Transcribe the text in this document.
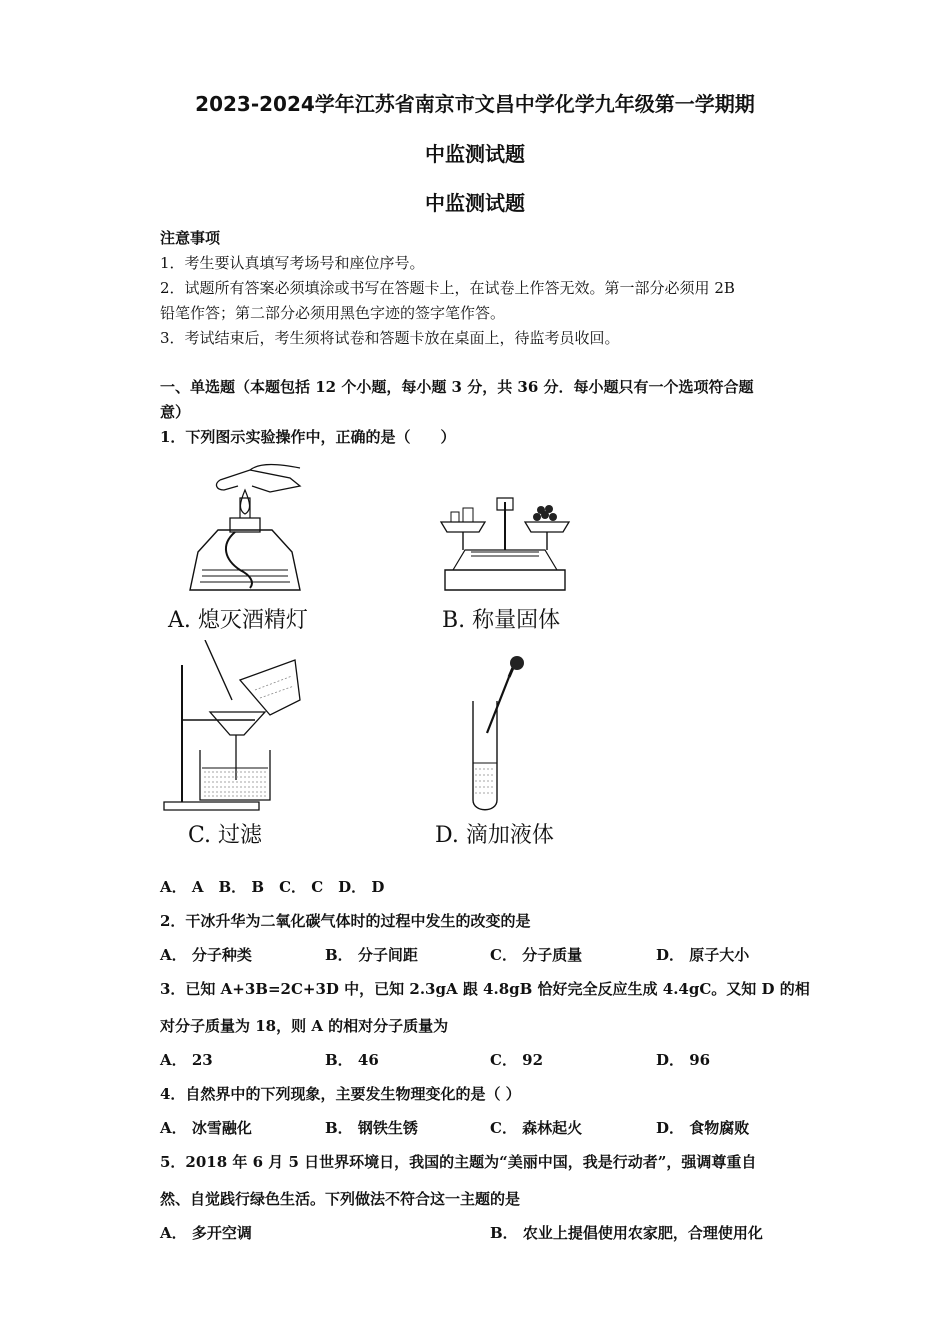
2023-2024学年江苏省南京市文昌中学化学九年级第一学期期
中监测试题
中监测试题
注意事项
1．考生要认真填写考场号和座位序号。
2．试题所有答案必须填涂或书写在答题卡上，在试卷上作答无效。第一部分必须用 2B
铅笔作答；第二部分必须用黑色字迹的签字笔作答。
3．考试结束后，考生须将试卷和答题卡放在桌面上，待监考员收回。
一、单选题（本题包括 12 个小题，每小题 3 分，共 36 分．每小题只有一个选项符合题
意）
1．下列图示实验操作中，正确的是（　　）
A. 熄灭酒精灯	B. 称量固体
C. 过滤	D. 滴加液体
A． A　B． B　C． C　D． D
2．干冰升华为二氧化碳气体时的过程中发生的改变的是
A． 分子种类	B． 分子间距	C． 分子质量	D． 原子大小
3．已知 A+3B=2C+3D 中，已知 2.3gA 跟 4.8gB 恰好完全反应生成 4.4gC。又知 D 的相
对分子质量为 18，则 A 的相对分子质量为
A． 23	B． 46	C． 92	D． 96
4．自然界中的下列现象，主要发生物理变化的是（ ）
A． 冰雪融化	B． 钢铁生锈	C． 森林起火	D． 食物腐败
5．2018 年 6 月 5 日世界环境日，我国的主题为“美丽中国，我是行动者”，强调尊重自
然、自觉践行绿色生活。下列做法不符合这一主题的是
A． 多开空调	B． 农业上提倡使用农家肥，合理使用化
